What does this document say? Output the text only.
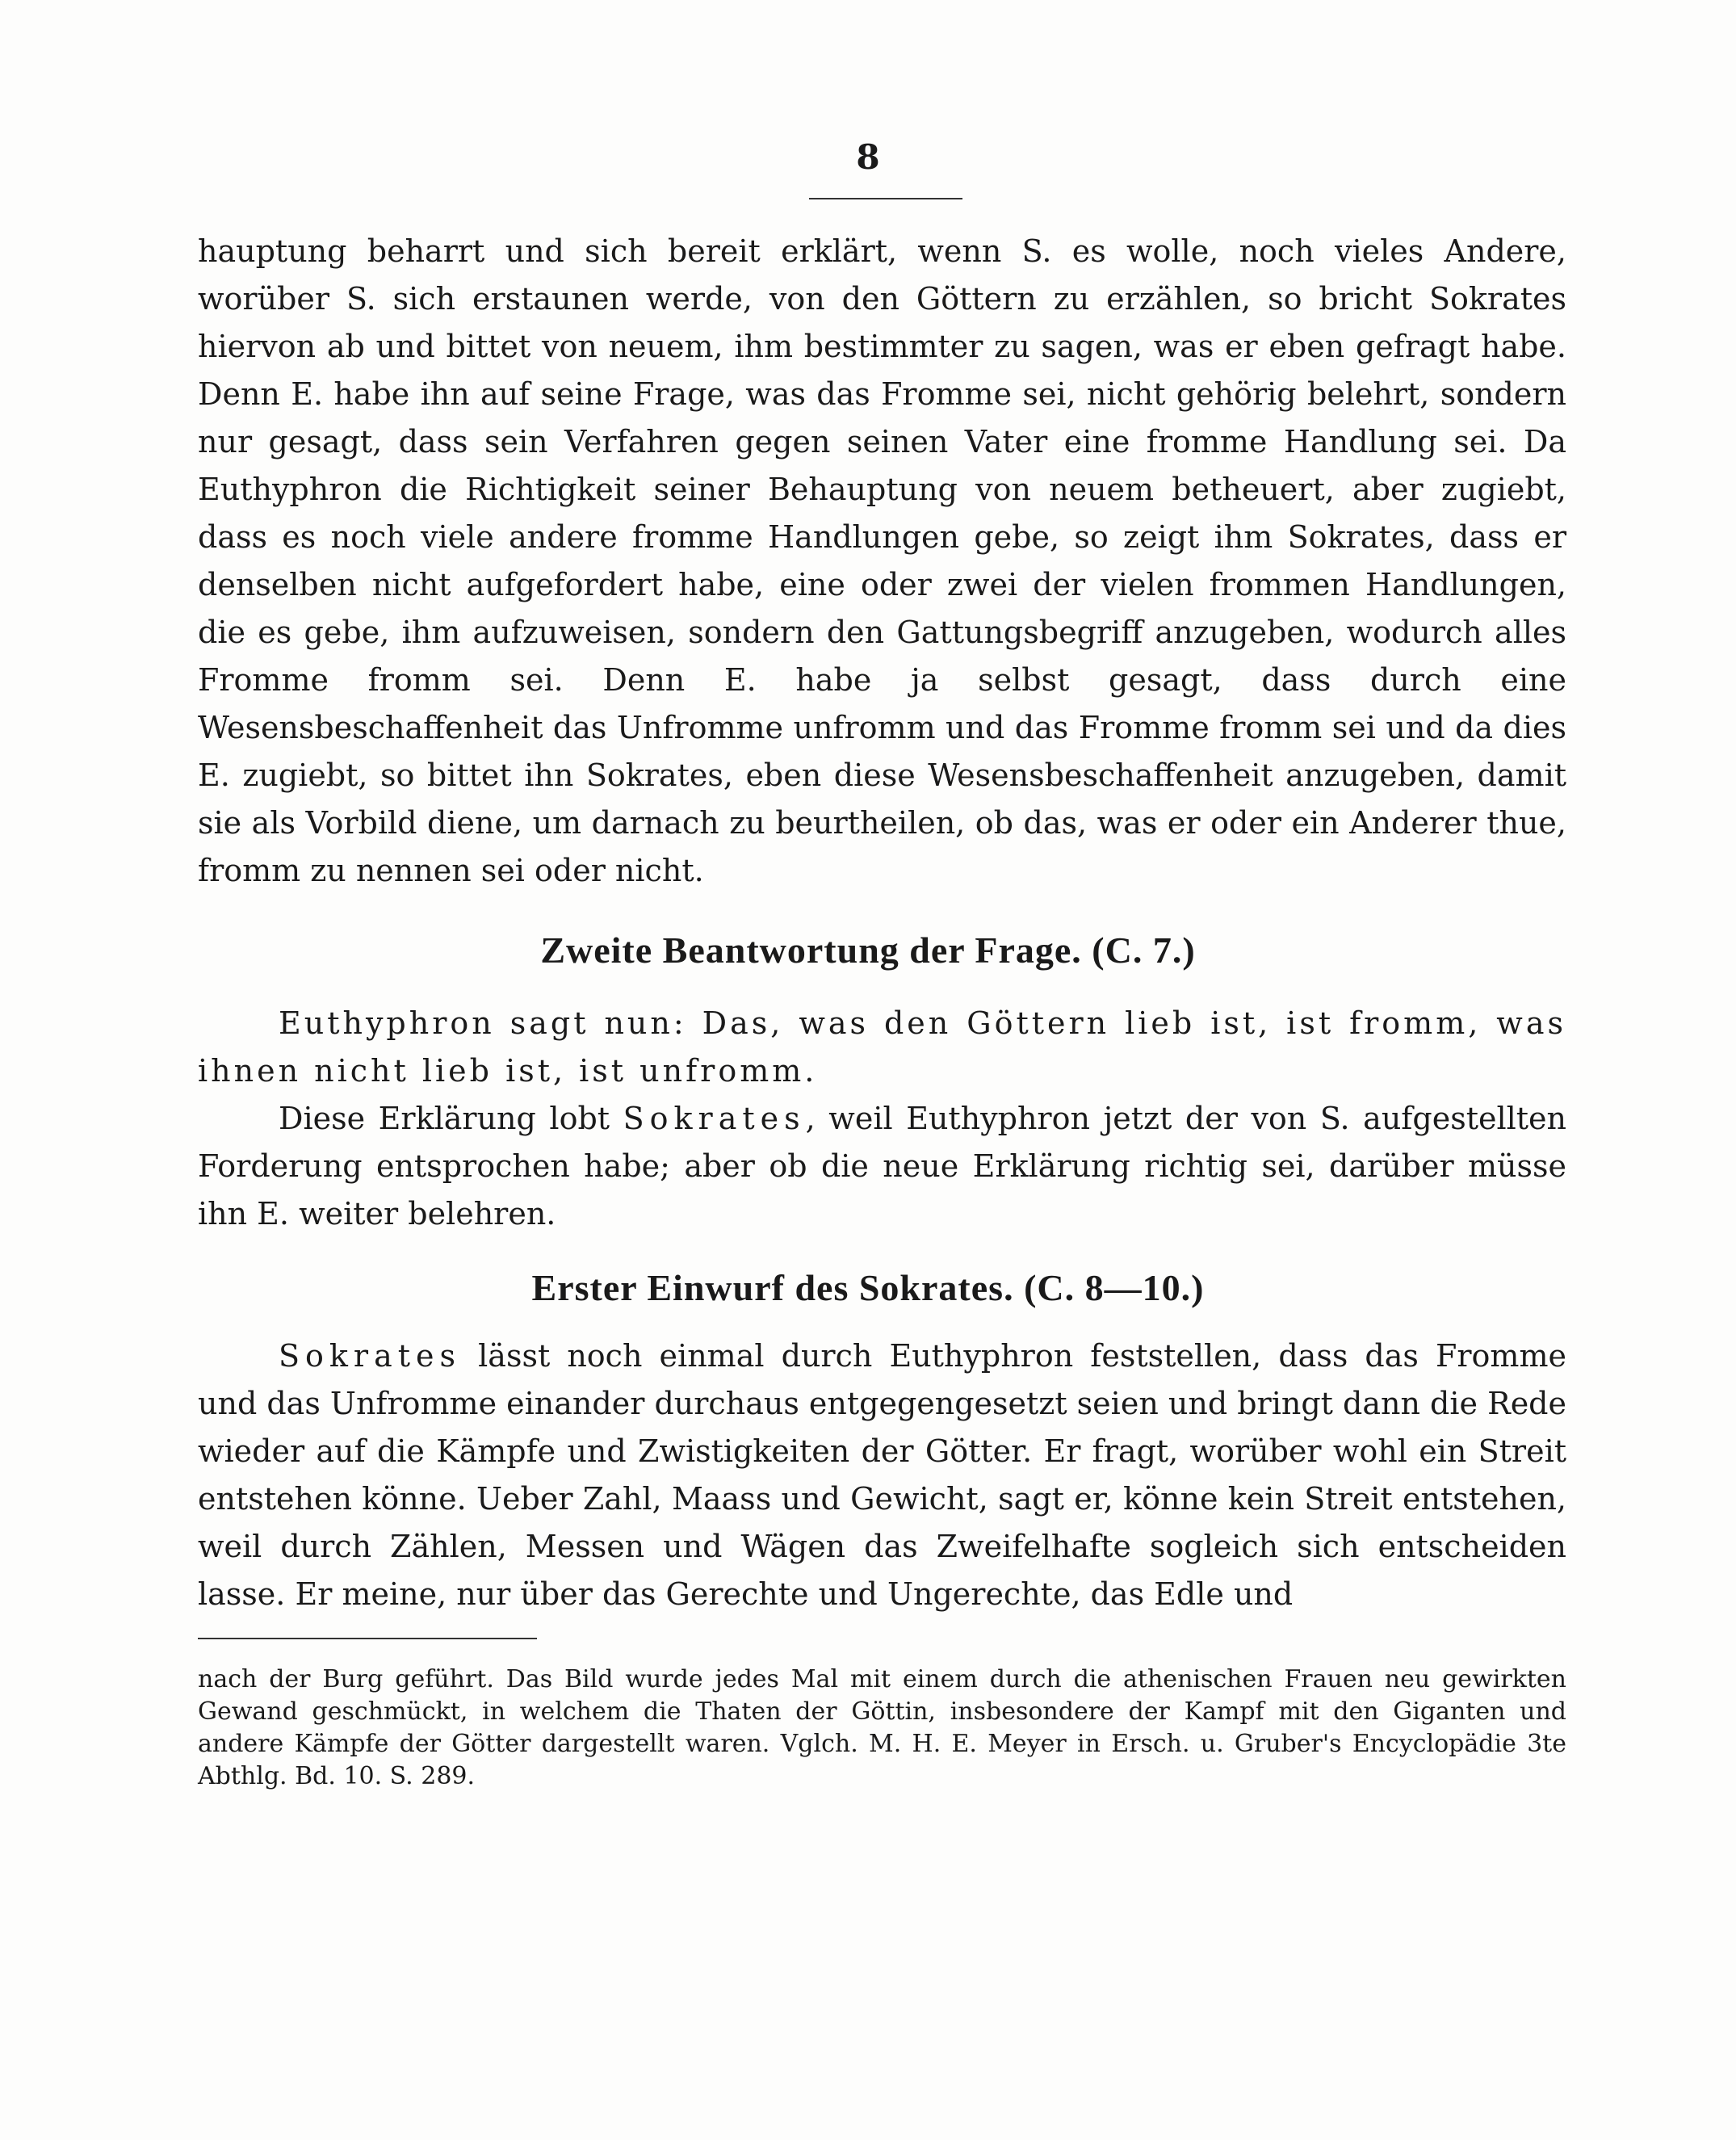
8

hauptung beharrt und sich bereit erklärt, wenn S. es wolle, noch vieles Andere, worüber S. sich erstaunen werde, von den Göttern zu erzählen, so bricht Sokrates hiervon ab und bittet von neuem, ihm bestimmter zu sagen, was er eben gefragt habe. Denn E. habe ihn auf seine Frage, was das Fromme sei, nicht gehörig belehrt, sondern nur gesagt, dass sein Verfahren gegen seinen Vater eine fromme Handlung sei. Da Euthyphron die Richtigkeit seiner Behauptung von neuem betheuert, aber zugiebt, dass es noch viele andere fromme Handlungen gebe, so zeigt ihm Sokrates, dass er denselben nicht aufgefordert habe, eine oder zwei der vielen frommen Handlungen, die es gebe, ihm aufzuweisen, sondern den Gattungsbegriff anzugeben, wodurch alles Fromme fromm sei. Denn E. habe ja selbst gesagt, dass durch eine Wesensbeschaffenheit das Unfromme unfromm und das Fromme fromm sei und da dies E. zugiebt, so bittet ihn Sokrates, eben diese Wesensbeschaffenheit anzugeben, damit sie als Vorbild diene, um darnach zu beurtheilen, ob das, was er oder ein Anderer thue, fromm zu nennen sei oder nicht.

Zweite Beantwortung der Frage. (C. 7.)

Euthyphron sagt nun: Das, was den Göttern lieb ist, ist fromm, was ihnen nicht lieb ist, ist unfromm.

Diese Erklärung lobt Sokrates, weil Euthyphron jetzt der von S. aufgestellten Forderung entsprochen habe; aber ob die neue Erklärung richtig sei, darüber müsse ihn E. weiter belehren.

Erster Einwurf des Sokrates. (C. 8—10.)

Sokrates lässt noch einmal durch Euthyphron feststellen, dass das Fromme und das Unfromme einander durchaus entgegengesetzt seien und bringt dann die Rede wieder auf die Kämpfe und Zwistigkeiten der Götter. Er fragt, worüber wohl ein Streit entstehen könne. Ueber Zahl, Maass und Gewicht, sagt er, könne kein Streit entstehen, weil durch Zählen, Messen und Wägen das Zweifelhafte sogleich sich entscheiden lasse. Er meine, nur über das Gerechte und Ungerechte, das Edle und

nach der Burg geführt. Das Bild wurde jedes Mal mit einem durch die athenischen Frauen neu gewirkten Gewand geschmückt, in welchem die Thaten der Göttin, insbesondere der Kampf mit den Giganten und andere Kämpfe der Götter dargestellt waren. Vglch. M. H. E. Meyer in Ersch. u. Gruber's Encyclopädie 3te Abthlg. Bd. 10. S. 289.
